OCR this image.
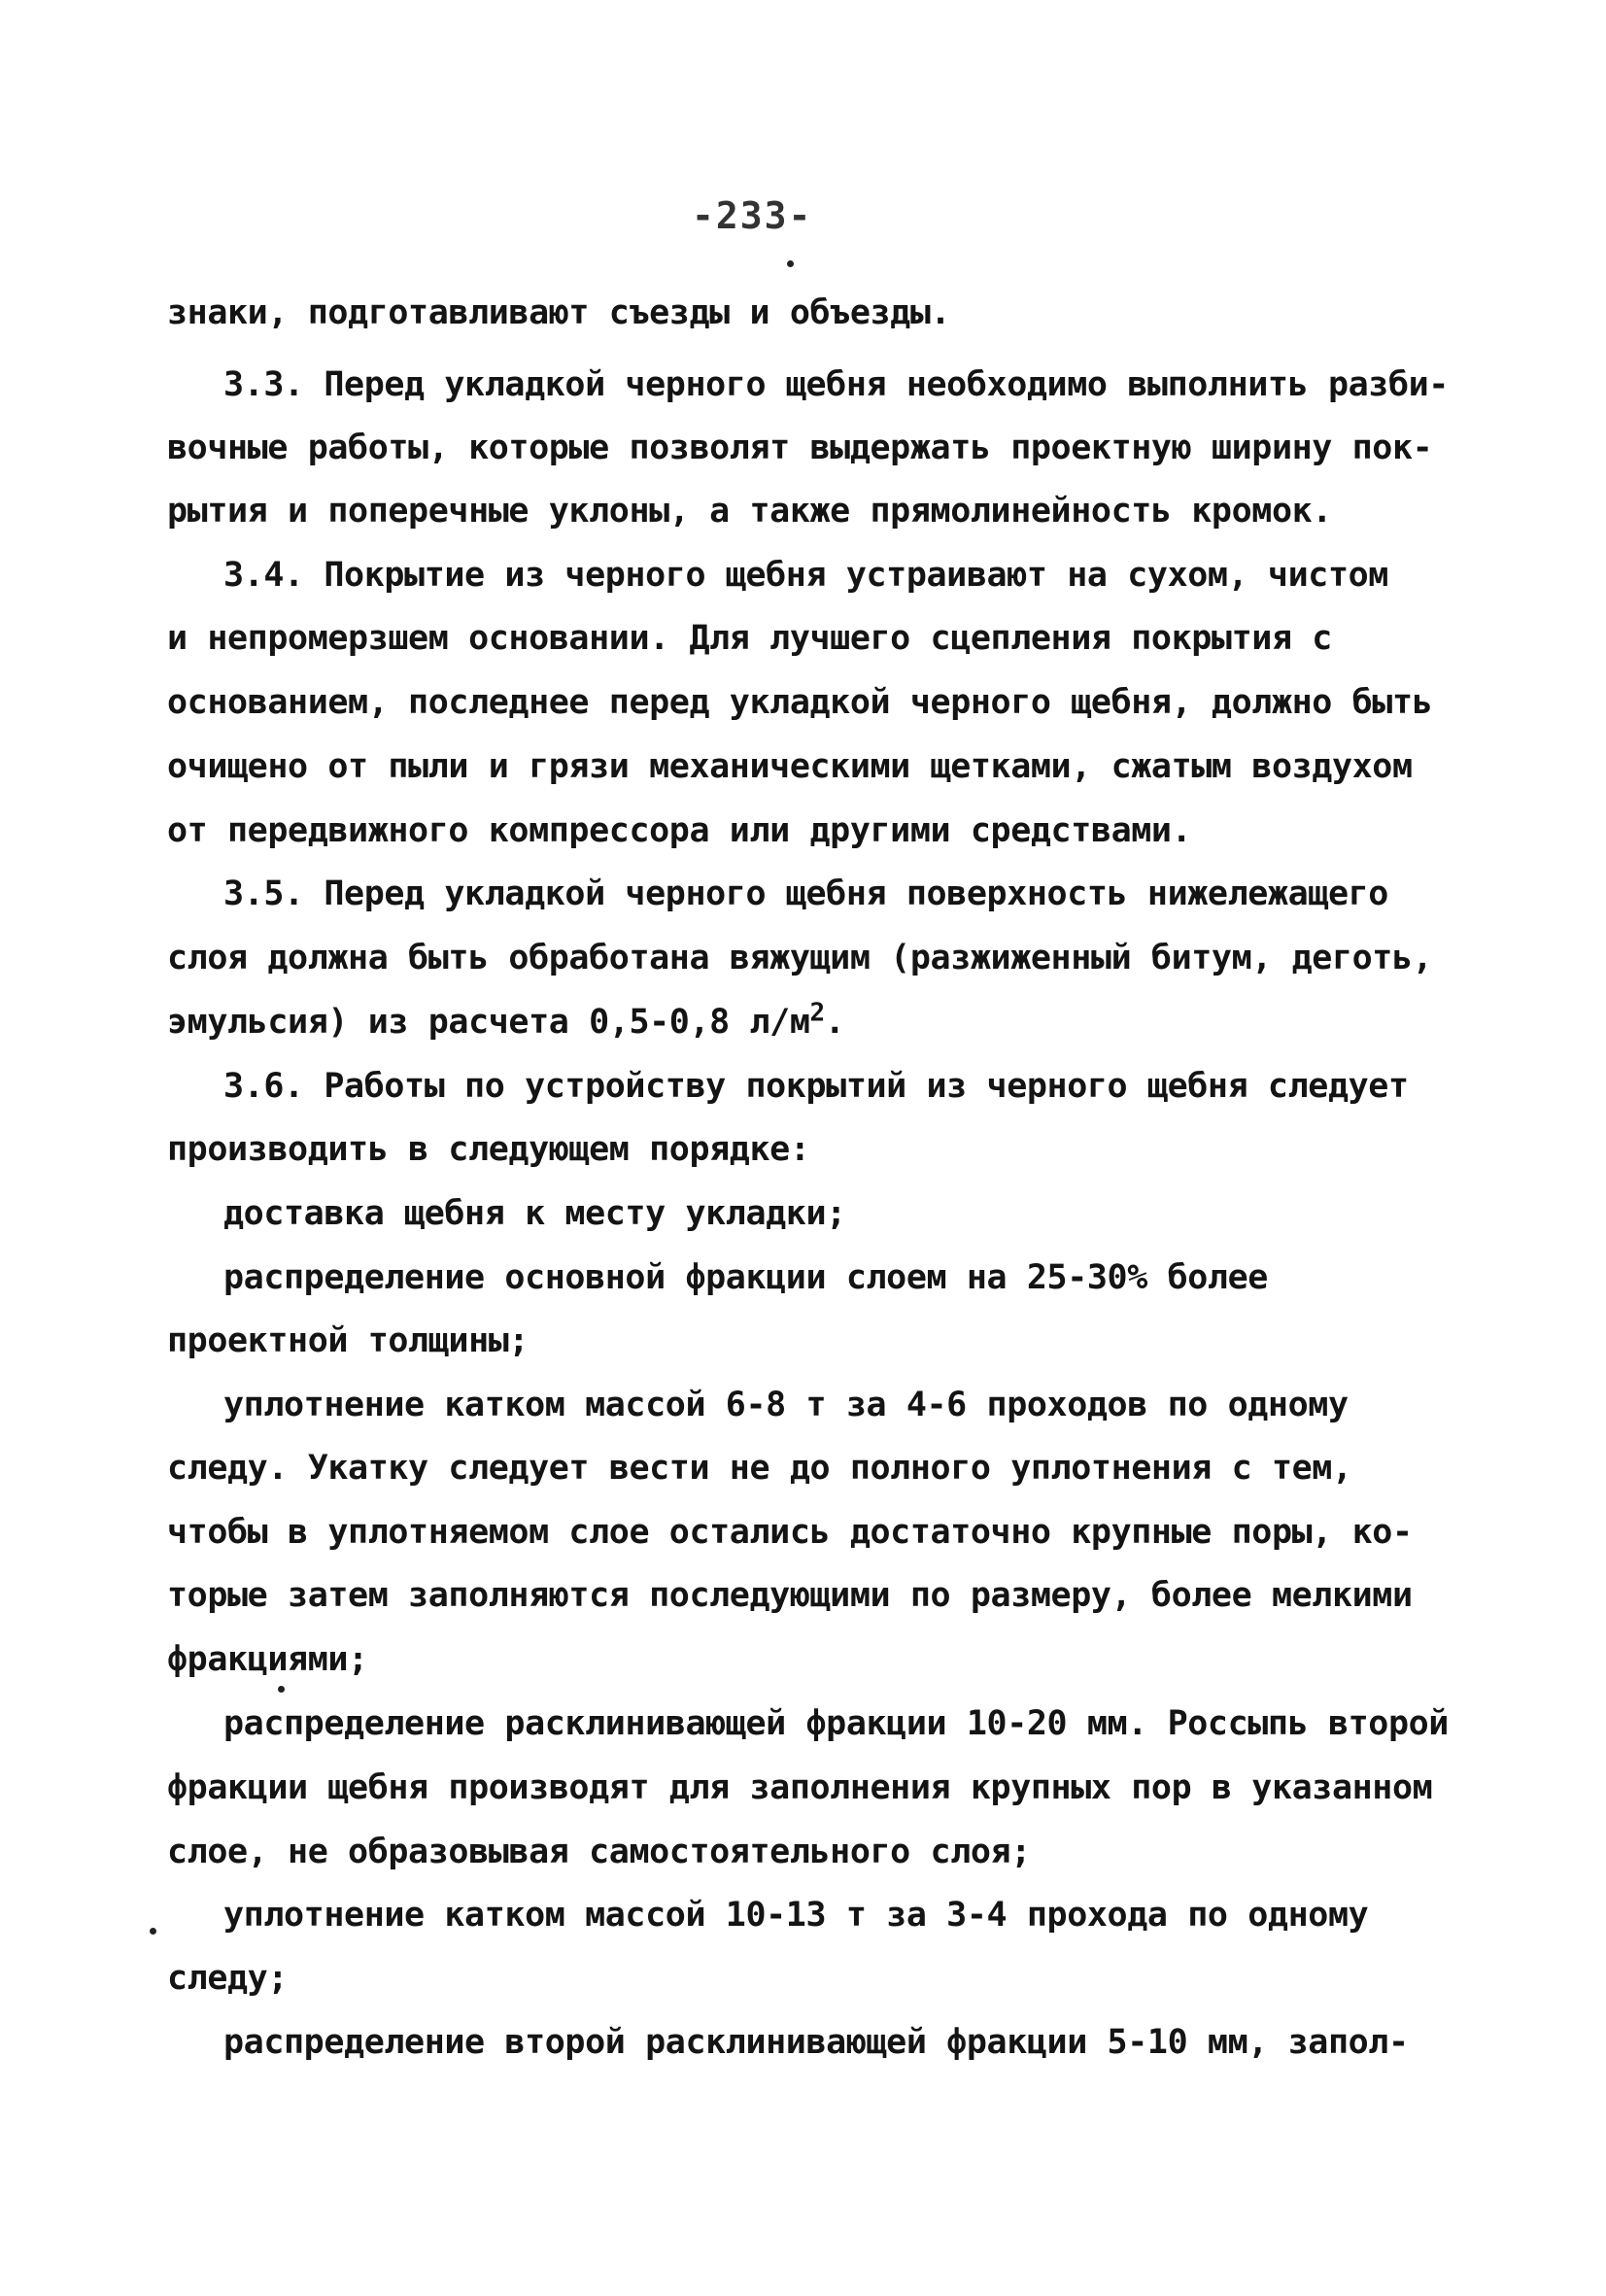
-233-
знаки, подготавливают съезды и объезды.
3.3. Перед укладкой черного щебня необходимо выполнить разби-
вочные работы, которые позволят выдержать проектную ширину пок-
рытия и поперечные уклоны, а также прямолинейность кромок.
3.4. Покрытие из черного щебня устраивают на сухом, чистом
и непромерзшем основании. Для лучшего сцепления покрытия с
основанием, последнее перед укладкой черного щебня, должно быть
очищено от пыли и грязи механическими щетками, сжатым воздухом
от передвижного компрессора или другими средствами.
3.5. Перед укладкой черного щебня поверхность нижележащего
слоя должна быть обработана вяжущим (разжиженный битум, деготь,
эмульсия) из расчета 0,5-0,8 $л/м^2$.
3.6. Работы по устройству покрытий из черного щебня следует
производить в следующем порядке:
доставка щебня к месту укладки;
распределение основной фракции слоем на 25-30% более
проектной толщины;
уплотнение катком массой 6-8 т за 4-6 проходов по одному
следу. Укатку следует вести не до полного уплотнения с тем,
чтобы в уплотняемом слое остались достаточно крупные поры, ко-
торые затем заполняются последующими по размеру, более мелкими
фракциями;
распределение расклинивающей фракции 10-20 мм. Россыпь второй
фракции щебня производят для заполнения крупных пор в указанном
слое, не образовывая самостоятельного слоя;
уплотнение катком массой 10-13 т за 3-4 прохода по одному
следу;
распределение второй расклинивающей фракции 5-10 мм, запол-
